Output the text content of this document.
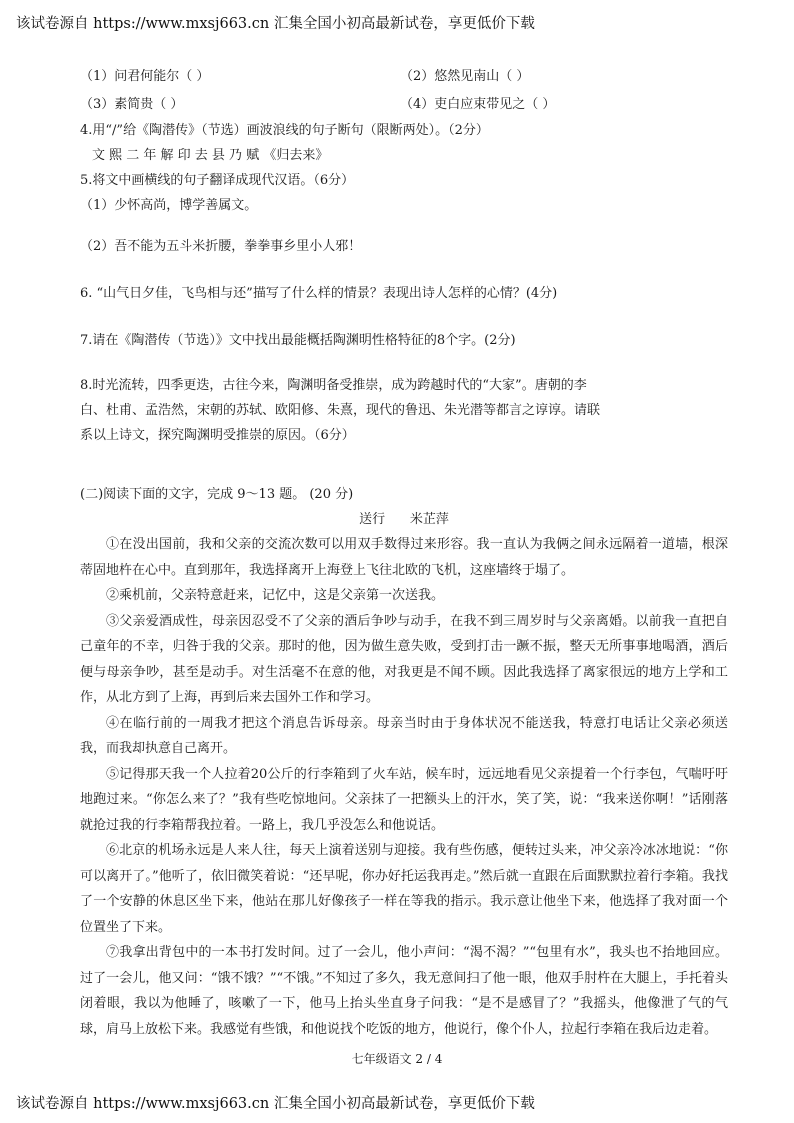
该试卷源自 https://www.mxsj663.cn 汇集全国小初高最新试卷，享更低价下载
（1）问君何能尔（ ）	（2）悠然见南山（ ）
（3）素简贵（ ）	（4）吏白应束带见之（ ）
4.用“/”给《陶潜传》（节选）画波浪线的句子断句（限断两处）。（2分）
文 熙 二 年 解 印 去 县 乃 赋 《归去来》
5.将文中画横线的句子翻译成现代汉语。（6分）
（1）少怀高尚，博学善属文。
（2）吾不能为五斗米折腰，拳拳事乡里小人邪！
6. “山气日夕佳，飞鸟相与还”描写了什么样的情景？表现出诗人怎样的心情？(4分)
7.请在《陶潜传（节选）》文中找出最能概括陶渊明性格特征的8个字。(2分)
8.时光流转，四季更迭，古往今来，陶渊明备受推崇，成为跨越时代的“大家”。唐朝的李
白、杜甫、孟浩然，宋朝的苏轼、欧阳修、朱熹，现代的鲁迅、朱光潜等都言之谆谆。请联
系以上诗文，探究陶渊明受推崇的原因。（6分）
(二)阅读下面的文字，完成 9～13 题。 (20 分)
送行      米芷萍

①在没出国前，我和父亲的交流次数可以用双手数得过来形容。我一直认为我俩之间永远隔着一道墙，根深蒂固地杵在心中。直到那年，我选择离开上海登上飞往北欧的飞机，这座墙终于塌了。

②乘机前，父亲特意赶来，记忆中，这是父亲第一次送我。

③父亲爱酒成性，母亲因忍受不了父亲的酒后争吵与动手，在我不到三周岁时与父亲离婚。以前我一直把自己童年的不幸，归咎于我的父亲。那时的他，因为做生意失败，受到打击一蹶不振，整天无所事事地喝酒，酒后便与母亲争吵，甚至是动手。对生活毫不在意的他，对我更是不闻不顾。因此我选择了离家很远的地方上学和工作，从北方到了上海，再到后来去国外工作和学习。

④在临行前的一周我才把这个消息告诉母亲。母亲当时由于身体状况不能送我，特意打电话让父亲必须送我，而我却执意自己离开。

⑤记得那天我一个人拉着20公斤的行李箱到了火车站，候车时，远远地看见父亲提着一个行李包，气喘吁吁地跑过来。“你怎么来了？”我有些吃惊地问。父亲抹了一把额头上的汗水，笑了笑，说：“我来送你啊！”话刚落就抢过我的行李箱帮我拉着。一路上，我几乎没怎么和他说话。

⑥北京的机场永远是人来人往，每天上演着送别与迎接。我有些伤感，便转过头来，冲父亲冷冰冰地说：“你可以离开了。”他听了，依旧微笑着说：“还早呢，你办好托运我再走。”然后就一直跟在后面默默拉着行李箱。我找了一个安静的休息区坐下来，他站在那儿好像孩子一样在等我的指示。我示意让他坐下来，他选择了我对面一个位置坐了下来。

⑦我拿出背包中的一本书打发时间。过了一会儿，他小声问：“渴不渴？”“包里有水”，我头也不抬地回应。过了一会儿，他又问：“饿不饿？”“不饿。”不知过了多久，我无意间扫了他一眼，他双手肘杵在大腿上，手托着头闭着眼，我以为他睡了，咳嗽了一下，他马上抬头坐直身子问我：“是不是感冒了？”我摇头，他像泄了气的气球，肩马上放松下来。我感觉有些饿，和他说找个吃饭的地方，他说行，像个仆人，拉起行李箱在我后边走着。

七年级语文 2 / 4
该试卷源自 https://www.mxsj663.cn 汇集全国小初高最新试卷，享更低价下载
